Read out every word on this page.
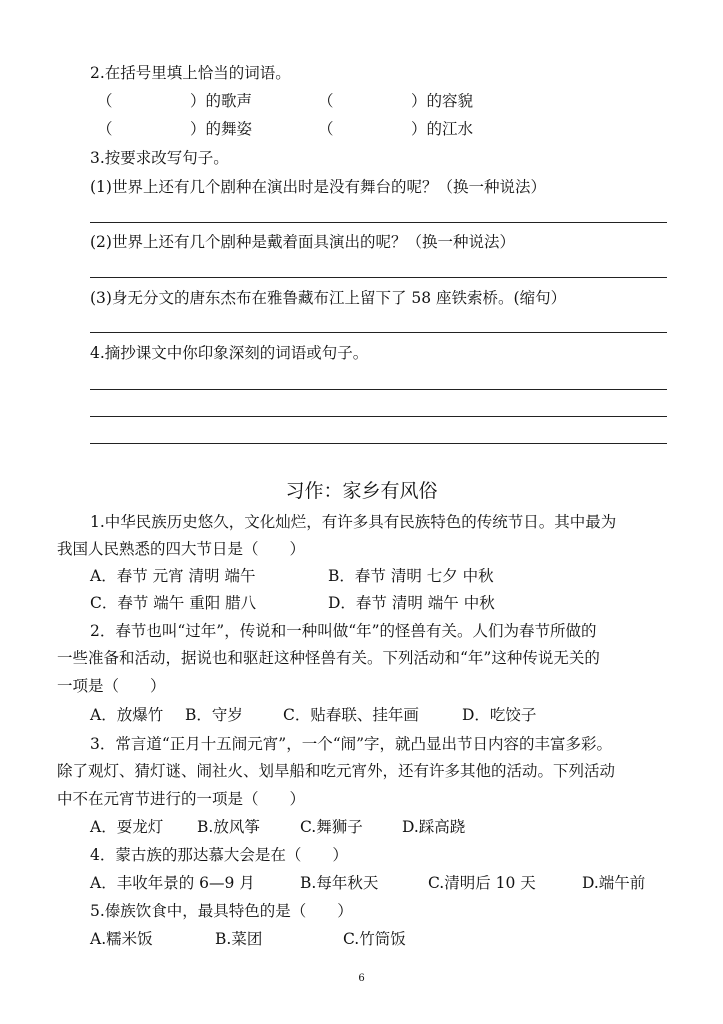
2.在括号里填上恰当的词语。
（　　　　　）的歌声	（　　　　　）的容貌
（　　　　　）的舞姿	（　　　　　）的江水
3.按要求改写句子。
(1)世界上还有几个剧种在演出时是没有舞台的呢？（换一种说法）
(2)世界上还有几个剧种是戴着面具演出的呢？（换一种说法）
(3)身无分文的唐东杰布在雅鲁藏布江上留下了 58 座铁索桥。(缩句）
4.摘抄课文中你印象深刻的词语或句子。
习作：家乡有风俗
1.中华民族历史悠久，文化灿烂，有许多具有民族特色的传统节日。其中最为
我国人民熟悉的四大节日是（　　）
A．春节 元宵 清明 端午	B．春节 清明 七夕 中秋
C．春节 端午 重阳 腊八	D．春节 清明 端午 中秋
2．春节也叫“过年”，传说和一种叫做“年”的怪兽有关。人们为春节所做的
一些准备和活动，据说也和驱赶这种怪兽有关。下列活动和“年”这种传说无关的
一项是（　　）
A．放爆竹 B．守岁	C．贴春联、挂年画	D．吃饺子
3．常言道“正月十五闹元宵”，一个“闹”字，就凸显出节日内容的丰富多彩。
除了观灯、猜灯谜、闹社火、划旱船和吃元宵外，还有许多其他的活动。下列活动
中不在元宵节进行的一项是（　　）
A．耍龙灯 B.放风筝	C.舞狮子	D.踩高跷
4．蒙古族的那达慕大会是在（　　）
A．丰收年景的 6—9 月	B.每年秋天	C.清明后 10 天	D.端午前
5.傣族饮食中，最具特色的是（　　）
A.糯米饭	B.菜团	C.竹筒饭
6
